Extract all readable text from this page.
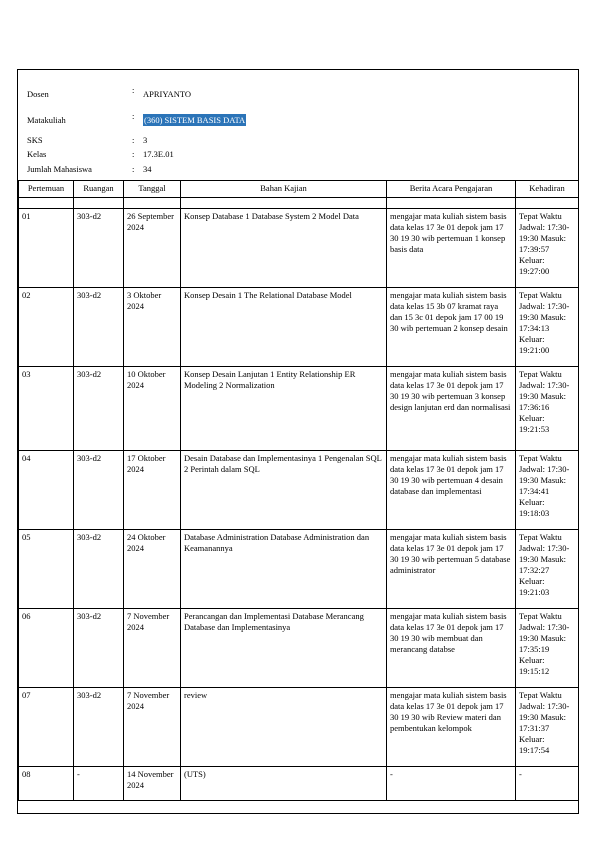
Dosen	:	APRIYANTO
Matakuliah	:	(360) SISTEM BASIS DATA
SKS	:	3
Kelas	:	17.3E.01
Jumlah Mahasiswa	:	34
Pertemuan	Ruangan	Tanggal	Bahan Kajian	Berita Acara Pengajaran	Kehadiran

01	303-d2	26 September 2024	Konsep Database 1 Database System 2 Model Data	mengajar mata kuliah sistem basis data kelas 17 3e 01 depok jam 17 30 19 30 wib pertemuan 1 konsep basis data	Tepat Waktu Jadwal: 17:30-19:30 Masuk: 17:39:57 Keluar: 19:27:00
02	303-d2	3 Oktober 2024	Konsep Desain 1 The Relational Database Model	mengajar mata kuliah sistem basis data kelas 15 3b 07 kramat raya dan 15 3c 01 depok jam 17 00 19 30 wib pertemuan 2 konsep desain	Tepat Waktu Jadwal: 17:30-19:30 Masuk: 17:34:13 Keluar: 19:21:00
03	303-d2	10 Oktober 2024	Konsep Desain Lanjutan 1 Entity Relationship ER Modeling 2 Normalization	mengajar mata kuliah sistem basis data kelas 17 3e 01 depok jam 17 30 19 30 wib pertemuan 3 konsep design lanjutan erd dan normalisasi	Tepat Waktu Jadwal: 17:30-19:30 Masuk: 17:36:16 Keluar: 19:21:53
04	303-d2	17 Oktober 2024	Desain Database dan Implementasinya 1 Pengenalan SQL 2 Perintah dalam SQL	mengajar mata kuliah sistem basis data kelas 17 3e 01 depok jam 17 30 19 30 wib pertemuan 4 desain database dan implementasi	Tepat Waktu Jadwal: 17:30-19:30 Masuk: 17:34:41 Keluar: 19:18:03
05	303-d2	24 Oktober 2024	Database Administration Database Administration dan Keamanannya	mengajar mata kuliah sistem basis data kelas 17 3e 01 depok jam 17 30 19 30 wib pertemuan 5 database administrator	Tepat Waktu Jadwal: 17:30-19:30 Masuk: 17:32:27 Keluar: 19:21:03
06	303-d2	7 November 2024	Perancangan dan Implementasi Database Merancang Database dan Implementasinya	mengajar mata kuliah sistem basis data kelas 17 3e 01 depok jam 17 30 19 30 wib membuat dan merancang databse	Tepat Waktu Jadwal: 17:30-19:30 Masuk: 17:35:19 Keluar: 19:15:12
07	303-d2	7 November 2024	review	mengajar mata kuliah sistem basis data kelas 17 3e 01 depok jam 17 30 19 30 wib Review materi dan pembentukan kelompok	Tepat Waktu Jadwal: 17:30-19:30 Masuk: 17:31:37 Keluar: 19:17:54
08	-	14 November 2024	(UTS)	-	-
